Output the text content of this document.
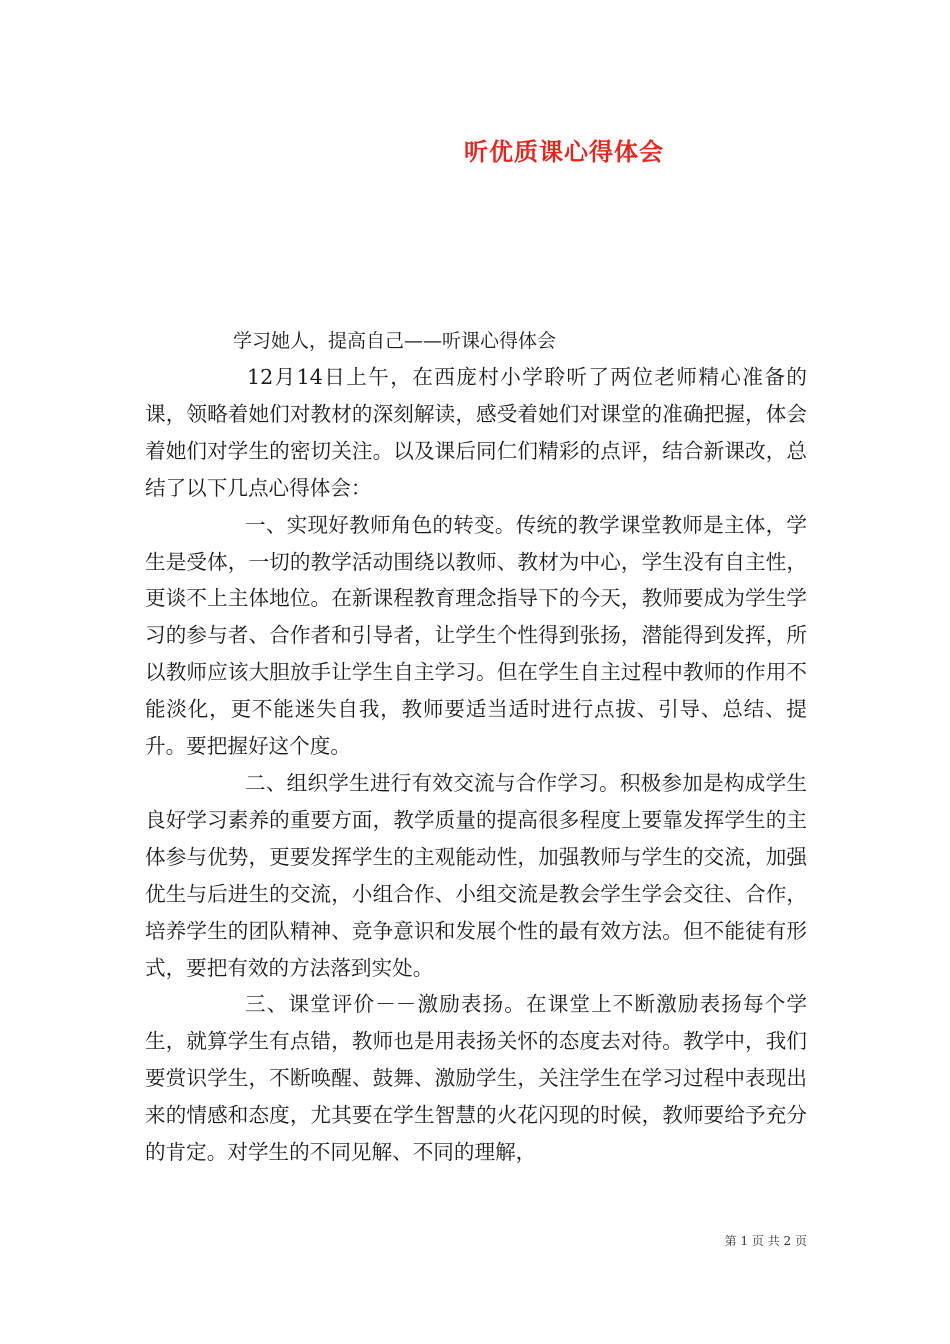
听优质课心得体会

学习她人，提高自己——听课心得体会

12月14日上午，在西庞村小学聆听了两位老师精心准备的课，领略着她们对教材的深刻解读，感受着她们对课堂的准确把握，体会着她们对学生的密切关注。以及课后同仁们精彩的点评，结合新课改，总结了以下几点心得体会：

一、实现好教师角色的转变。传统的教学课堂教师是主体，学生是受体，一切的教学活动围绕以教师、教材为中心，学生没有自主性，更谈不上主体地位。在新课程教育理念指导下的今天，教师要成为学生学习的参与者、合作者和引导者，让学生个性得到张扬，潜能得到发挥，所以教师应该大胆放手让学生自主学习。但在学生自主过程中教师的作用不能淡化，更不能迷失自我，教师要适当适时进行点拔、引导、总结、提升。要把握好这个度。

二、组织学生进行有效交流与合作学习。积极参加是构成学生良好学习素养的重要方面，教学质量的提高很多程度上要靠发挥学生的主体参与优势，更要发挥学生的主观能动性，加强教师与学生的交流，加强优生与后进生的交流，小组合作、小组交流是教会学生学会交往、合作，培养学生的团队精神、竞争意识和发展个性的最有效方法。但不能徒有形式，要把有效的方法落到实处。

三、课堂评价－－激励表扬。在课堂上不断激励表扬每个学生，就算学生有点错，教师也是用表扬关怀的态度去对待。教学中，我们要赏识学生，不断唤醒、鼓舞、激励学生，关注学生在学习过程中表现出来的情感和态度，尤其要在学生智慧的火花闪现的时候，教师要给予充分的肯定。对学生的不同见解、不同的理解，

第 1 页 共 2 页
